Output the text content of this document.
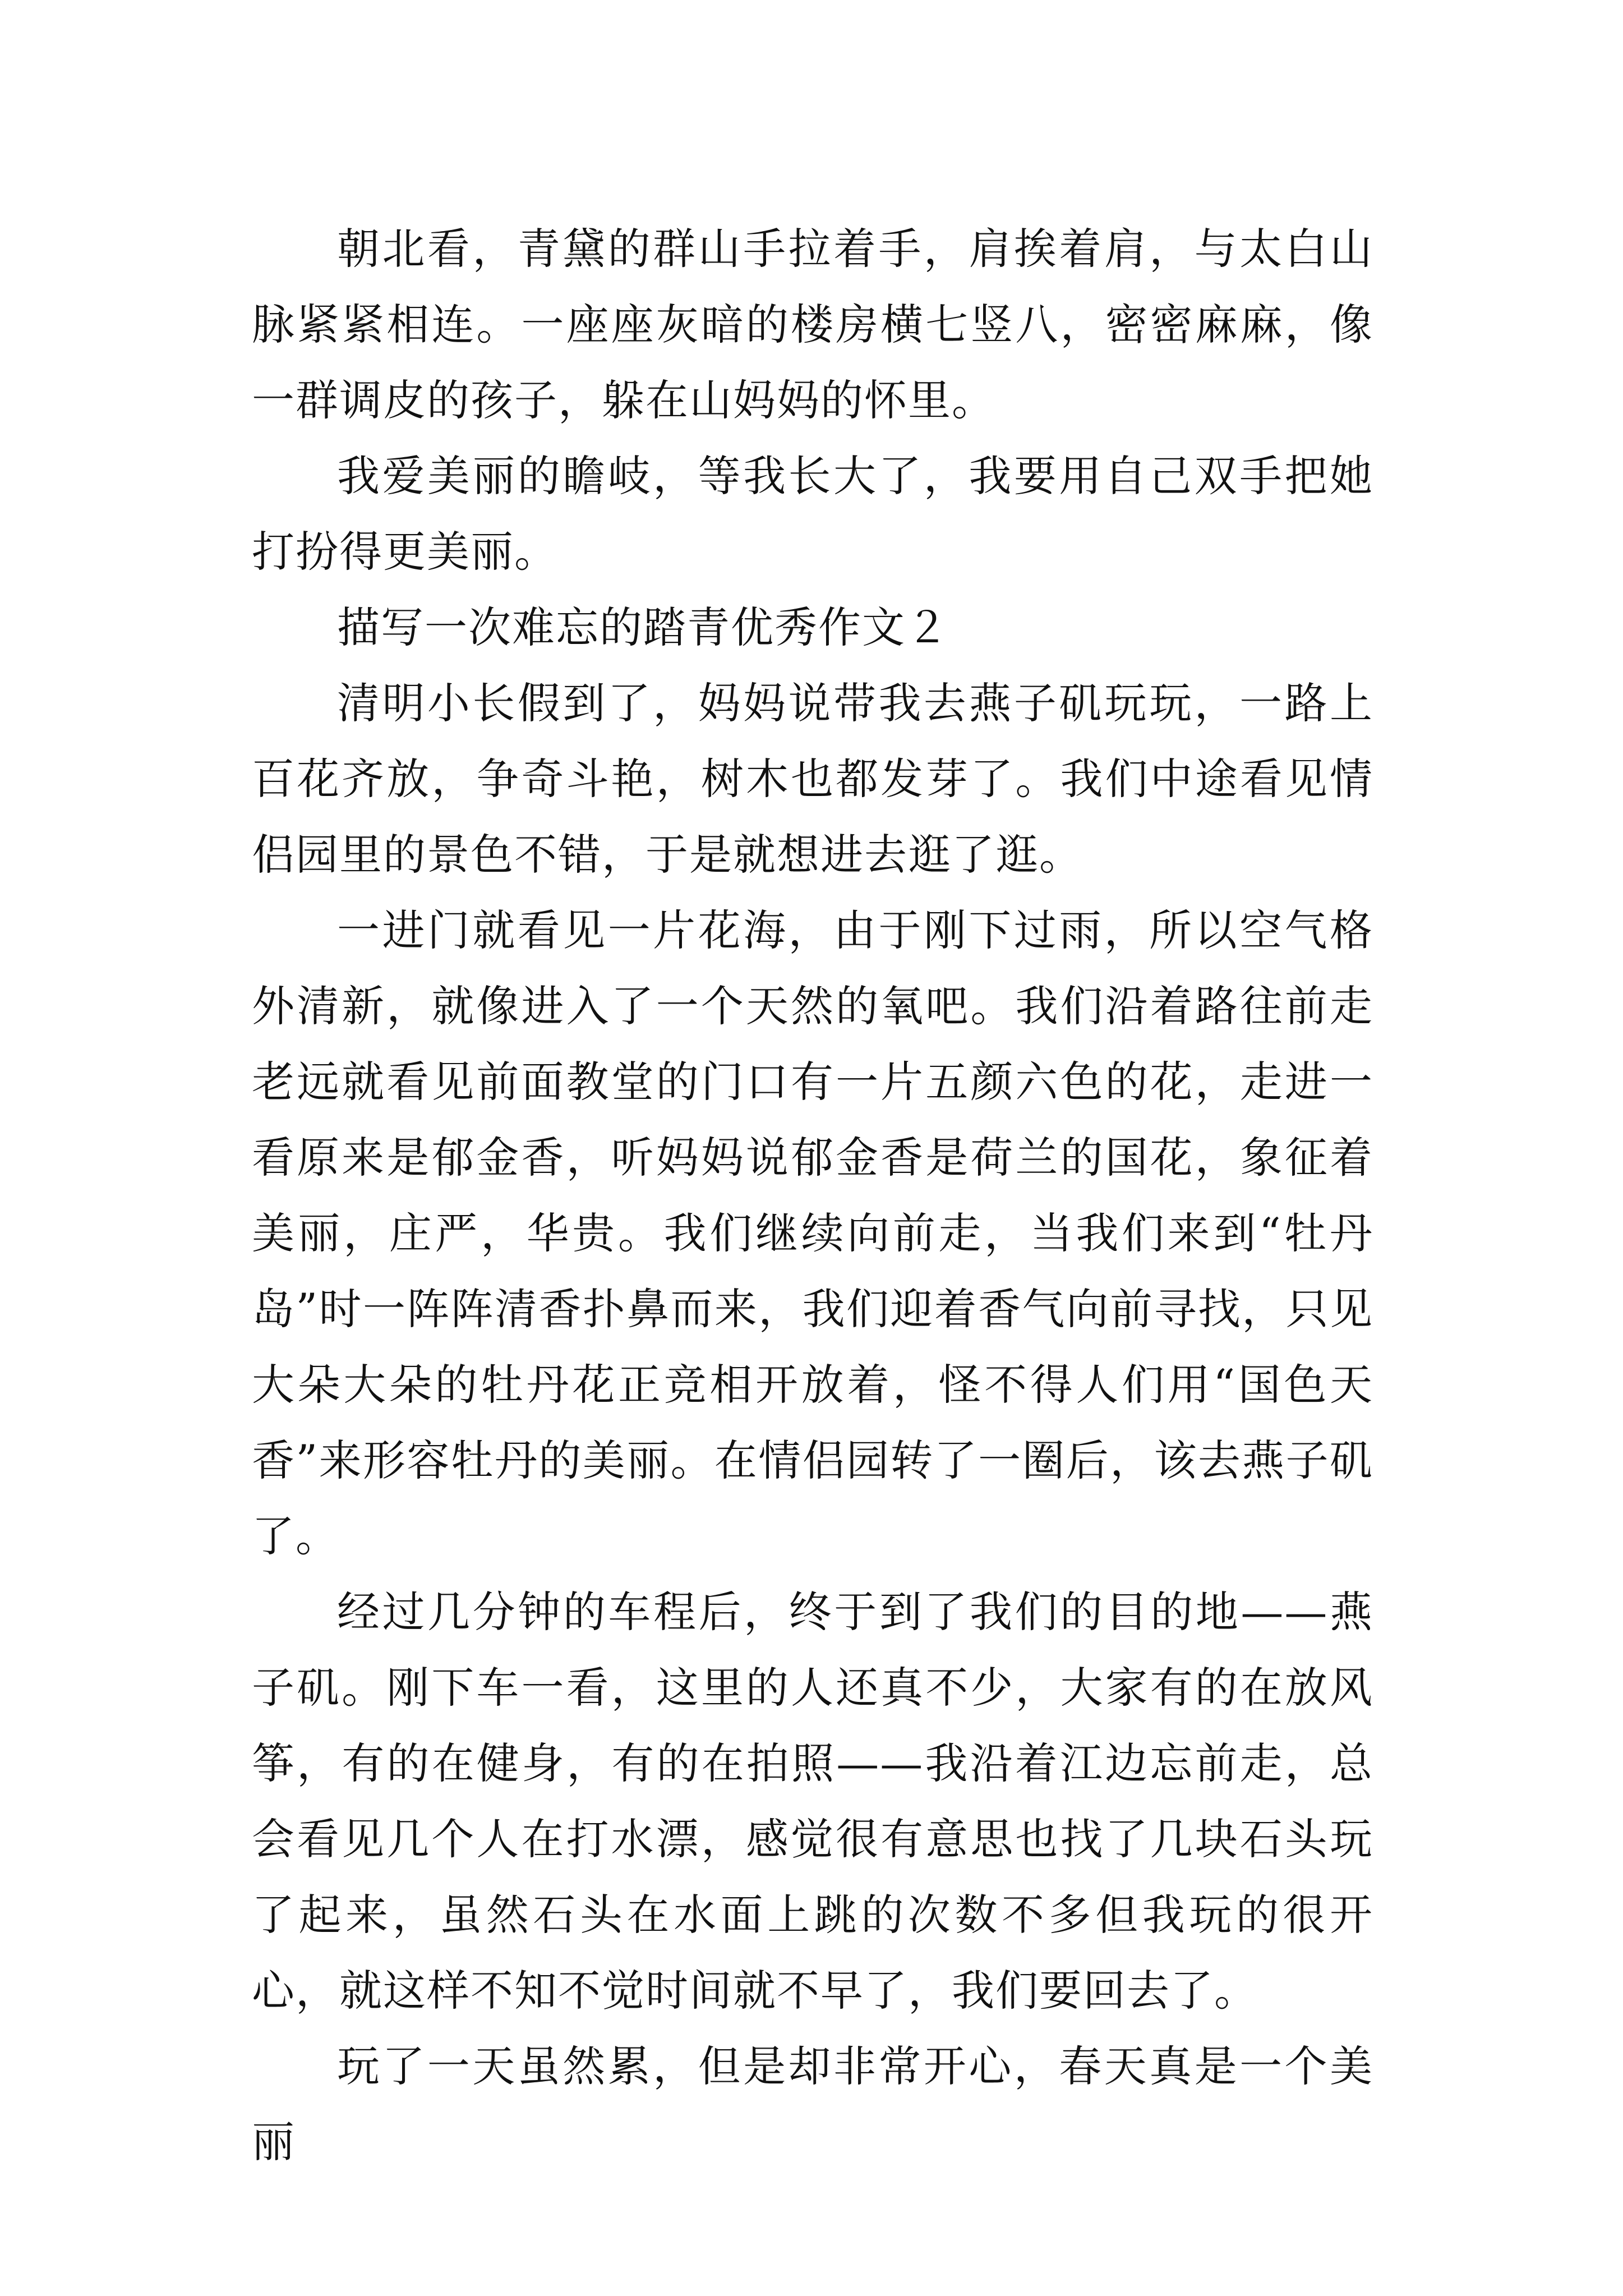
朝北看，青黛的群山手拉着手，肩挨着肩，与太白山脉紧紧相连。一座座灰暗的楼房横七竖八，密密麻麻，像一群调皮的孩子，躲在山妈妈的怀里。

我爱美丽的瞻岐，等我长大了，我要用自己双手把她打扮得更美丽。

描写一次难忘的踏青优秀作文２

清明小长假到了，妈妈说带我去燕子矶玩玩，一路上百花齐放，争奇斗艳，树木也都发芽了。我们中途看见情侣园里的景色不错，于是就想进去逛了逛。

一进门就看见一片花海，由于刚下过雨，所以空气格外清新，就像进入了一个天然的氧吧。我们沿着路往前走老远就看见前面教堂的门口有一片五颜六色的花，走进一看原来是郁金香，听妈妈说郁金香是荷兰的国花，象征着美丽，庄严，华贵。我们继续向前走，当我们来到“牡丹岛”时一阵阵清香扑鼻而来，我们迎着香气向前寻找，只见大朵大朵的牡丹花正竞相开放着，怪不得人们用“国色天香”来形容牡丹的美丽。在情侣园转了一圈后，该去燕子矶了。

经过几分钟的车程后，终于到了我们的目的地——燕子矶。刚下车一看，这里的人还真不少，大家有的在放风筝，有的在健身，有的在拍照——我沿着江边忘前走，总会看见几个人在打水漂，感觉很有意思也找了几块石头玩了起来，虽然石头在水面上跳的次数不多但我玩的很开心，就这样不知不觉时间就不早了，我们要回去了。

玩了一天虽然累，但是却非常开心，春天真是一个美丽
